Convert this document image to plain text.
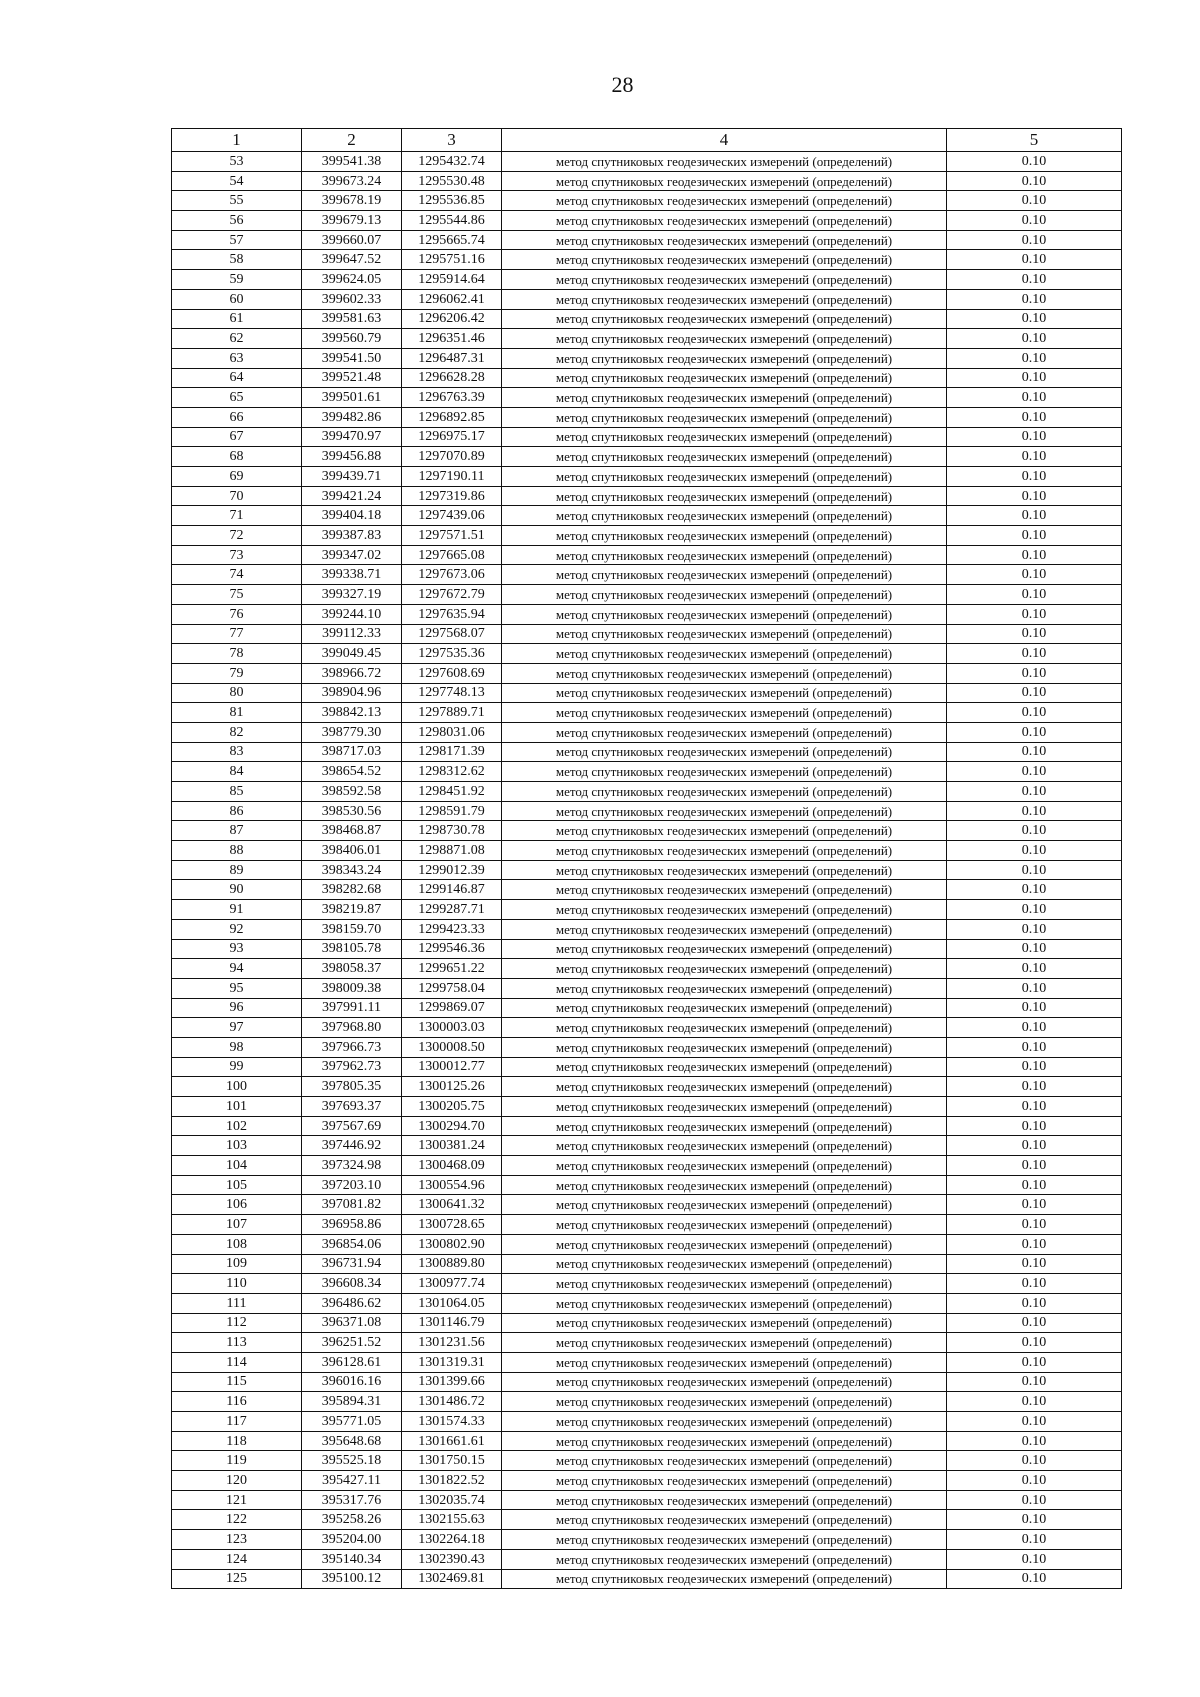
28
1	2	3	4	5
53	399541.38	1295432.74	метод спутниковых геодезических измерений (определений)	0.10
54	399673.24	1295530.48	метод спутниковых геодезических измерений (определений)	0.10
55	399678.19	1295536.85	метод спутниковых геодезических измерений (определений)	0.10
56	399679.13	1295544.86	метод спутниковых геодезических измерений (определений)	0.10
57	399660.07	1295665.74	метод спутниковых геодезических измерений (определений)	0.10
58	399647.52	1295751.16	метод спутниковых геодезических измерений (определений)	0.10
59	399624.05	1295914.64	метод спутниковых геодезических измерений (определений)	0.10
60	399602.33	1296062.41	метод спутниковых геодезических измерений (определений)	0.10
61	399581.63	1296206.42	метод спутниковых геодезических измерений (определений)	0.10
62	399560.79	1296351.46	метод спутниковых геодезических измерений (определений)	0.10
63	399541.50	1296487.31	метод спутниковых геодезических измерений (определений)	0.10
64	399521.48	1296628.28	метод спутниковых геодезических измерений (определений)	0.10
65	399501.61	1296763.39	метод спутниковых геодезических измерений (определений)	0.10
66	399482.86	1296892.85	метод спутниковых геодезических измерений (определений)	0.10
67	399470.97	1296975.17	метод спутниковых геодезических измерений (определений)	0.10
68	399456.88	1297070.89	метод спутниковых геодезических измерений (определений)	0.10
69	399439.71	1297190.11	метод спутниковых геодезических измерений (определений)	0.10
70	399421.24	1297319.86	метод спутниковых геодезических измерений (определений)	0.10
71	399404.18	1297439.06	метод спутниковых геодезических измерений (определений)	0.10
72	399387.83	1297571.51	метод спутниковых геодезических измерений (определений)	0.10
73	399347.02	1297665.08	метод спутниковых геодезических измерений (определений)	0.10
74	399338.71	1297673.06	метод спутниковых геодезических измерений (определений)	0.10
75	399327.19	1297672.79	метод спутниковых геодезических измерений (определений)	0.10
76	399244.10	1297635.94	метод спутниковых геодезических измерений (определений)	0.10
77	399112.33	1297568.07	метод спутниковых геодезических измерений (определений)	0.10
78	399049.45	1297535.36	метод спутниковых геодезических измерений (определений)	0.10
79	398966.72	1297608.69	метод спутниковых геодезических измерений (определений)	0.10
80	398904.96	1297748.13	метод спутниковых геодезических измерений (определений)	0.10
81	398842.13	1297889.71	метод спутниковых геодезических измерений (определений)	0.10
82	398779.30	1298031.06	метод спутниковых геодезических измерений (определений)	0.10
83	398717.03	1298171.39	метод спутниковых геодезических измерений (определений)	0.10
84	398654.52	1298312.62	метод спутниковых геодезических измерений (определений)	0.10
85	398592.58	1298451.92	метод спутниковых геодезических измерений (определений)	0.10
86	398530.56	1298591.79	метод спутниковых геодезических измерений (определений)	0.10
87	398468.87	1298730.78	метод спутниковых геодезических измерений (определений)	0.10
88	398406.01	1298871.08	метод спутниковых геодезических измерений (определений)	0.10
89	398343.24	1299012.39	метод спутниковых геодезических измерений (определений)	0.10
90	398282.68	1299146.87	метод спутниковых геодезических измерений (определений)	0.10
91	398219.87	1299287.71	метод спутниковых геодезических измерений (определений)	0.10
92	398159.70	1299423.33	метод спутниковых геодезических измерений (определений)	0.10
93	398105.78	1299546.36	метод спутниковых геодезических измерений (определений)	0.10
94	398058.37	1299651.22	метод спутниковых геодезических измерений (определений)	0.10
95	398009.38	1299758.04	метод спутниковых геодезических измерений (определений)	0.10
96	397991.11	1299869.07	метод спутниковых геодезических измерений (определений)	0.10
97	397968.80	1300003.03	метод спутниковых геодезических измерений (определений)	0.10
98	397966.73	1300008.50	метод спутниковых геодезических измерений (определений)	0.10
99	397962.73	1300012.77	метод спутниковых геодезических измерений (определений)	0.10
100	397805.35	1300125.26	метод спутниковых геодезических измерений (определений)	0.10
101	397693.37	1300205.75	метод спутниковых геодезических измерений (определений)	0.10
102	397567.69	1300294.70	метод спутниковых геодезических измерений (определений)	0.10
103	397446.92	1300381.24	метод спутниковых геодезических измерений (определений)	0.10
104	397324.98	1300468.09	метод спутниковых геодезических измерений (определений)	0.10
105	397203.10	1300554.96	метод спутниковых геодезических измерений (определений)	0.10
106	397081.82	1300641.32	метод спутниковых геодезических измерений (определений)	0.10
107	396958.86	1300728.65	метод спутниковых геодезических измерений (определений)	0.10
108	396854.06	1300802.90	метод спутниковых геодезических измерений (определений)	0.10
109	396731.94	1300889.80	метод спутниковых геодезических измерений (определений)	0.10
110	396608.34	1300977.74	метод спутниковых геодезических измерений (определений)	0.10
111	396486.62	1301064.05	метод спутниковых геодезических измерений (определений)	0.10
112	396371.08	1301146.79	метод спутниковых геодезических измерений (определений)	0.10
113	396251.52	1301231.56	метод спутниковых геодезических измерений (определений)	0.10
114	396128.61	1301319.31	метод спутниковых геодезических измерений (определений)	0.10
115	396016.16	1301399.66	метод спутниковых геодезических измерений (определений)	0.10
116	395894.31	1301486.72	метод спутниковых геодезических измерений (определений)	0.10
117	395771.05	1301574.33	метод спутниковых геодезических измерений (определений)	0.10
118	395648.68	1301661.61	метод спутниковых геодезических измерений (определений)	0.10
119	395525.18	1301750.15	метод спутниковых геодезических измерений (определений)	0.10
120	395427.11	1301822.52	метод спутниковых геодезических измерений (определений)	0.10
121	395317.76	1302035.74	метод спутниковых геодезических измерений (определений)	0.10
122	395258.26	1302155.63	метод спутниковых геодезических измерений (определений)	0.10
123	395204.00	1302264.18	метод спутниковых геодезических измерений (определений)	0.10
124	395140.34	1302390.43	метод спутниковых геодезических измерений (определений)	0.10
125	395100.12	1302469.81	метод спутниковых геодезических измерений (определений)	0.10
